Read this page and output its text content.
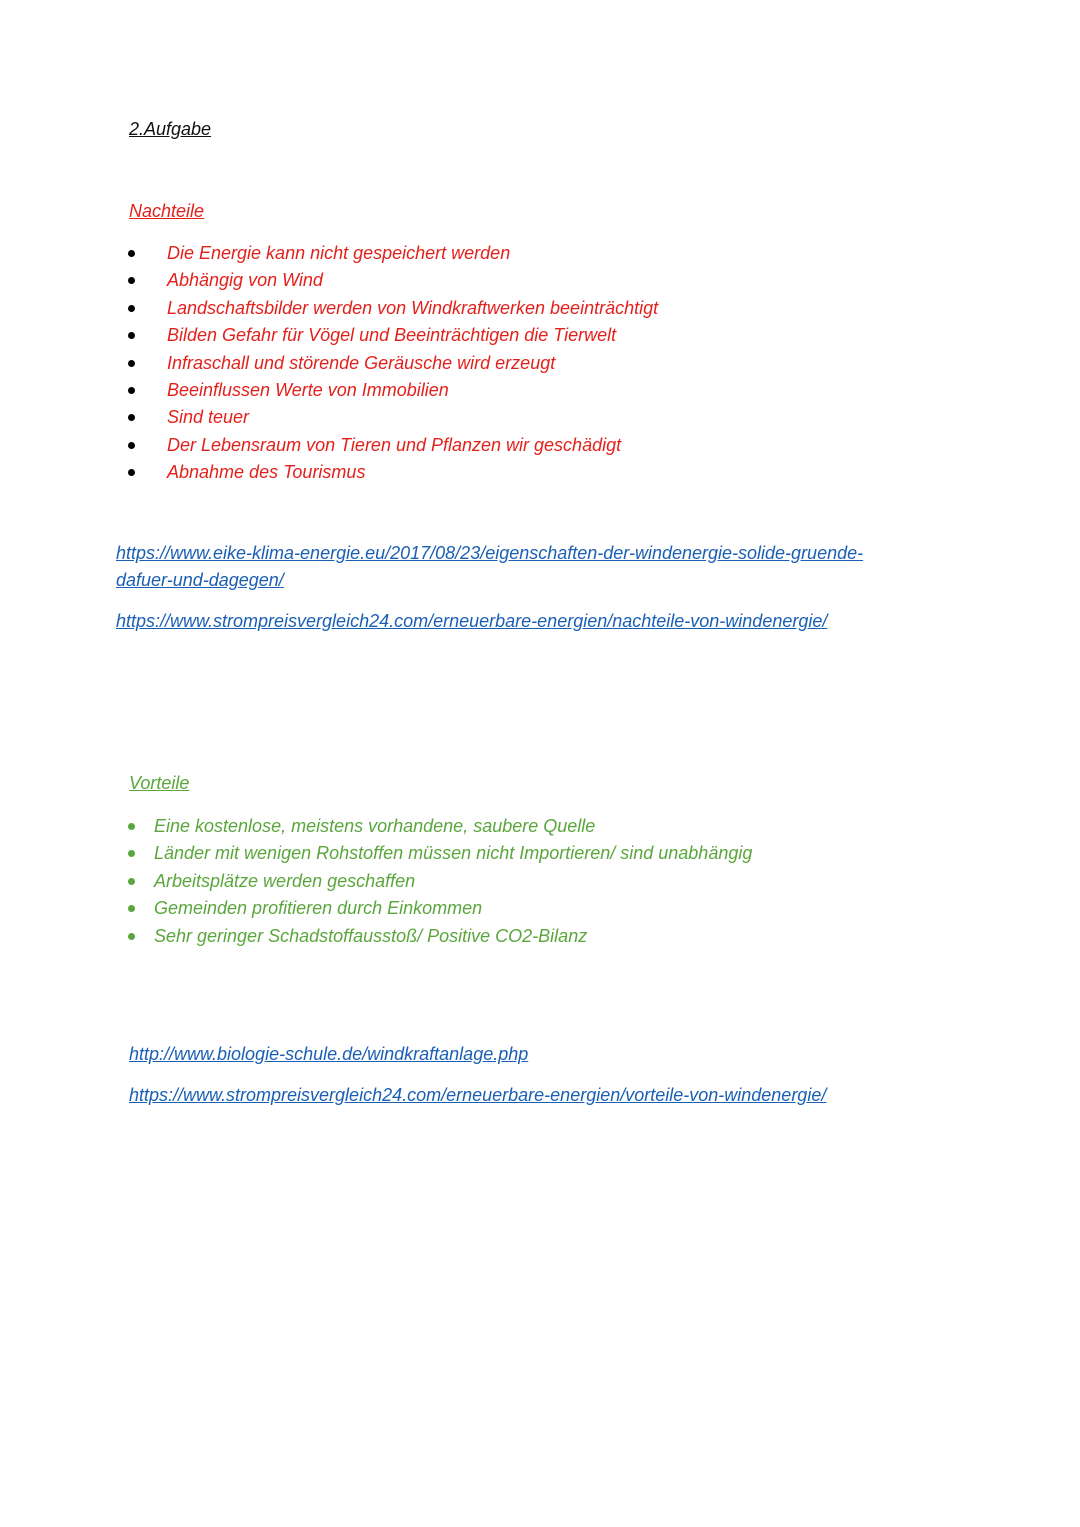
2.Aufgabe
Nachteile
Die Energie kann nicht gespeichert werden
Abhängig von Wind
Landschaftsbilder werden von Windkraftwerken beeinträchtigt
Bilden Gefahr für Vögel und Beeinträchtigen die Tierwelt
Infraschall und störende Geräusche wird erzeugt
Beeinflussen Werte von Immobilien
Sind teuer
Der Lebensraum von Tieren und Pflanzen wir geschädigt
Abnahme des Tourismus
https://www.eike-klima-energie.eu/2017/08/23/eigenschaften-der-windenergie-solide-gruende-
dafuer-und-dagegen/
https://www.strompreisvergleich24.com/erneuerbare-energien/nachteile-von-windenergie/
Vorteile
Eine kostenlose, meistens vorhandene, saubere Quelle
Länder mit wenigen Rohstoffen müssen nicht Importieren/ sind unabhängig
Arbeitsplätze werden geschaffen
Gemeinden profitieren durch Einkommen
Sehr geringer Schadstoffausstoß/ Positive CO2-Bilanz
http://www.biologie-schule.de/windkraftanlage.php
https://www.strompreisvergleich24.com/erneuerbare-energien/vorteile-von-windenergie/
